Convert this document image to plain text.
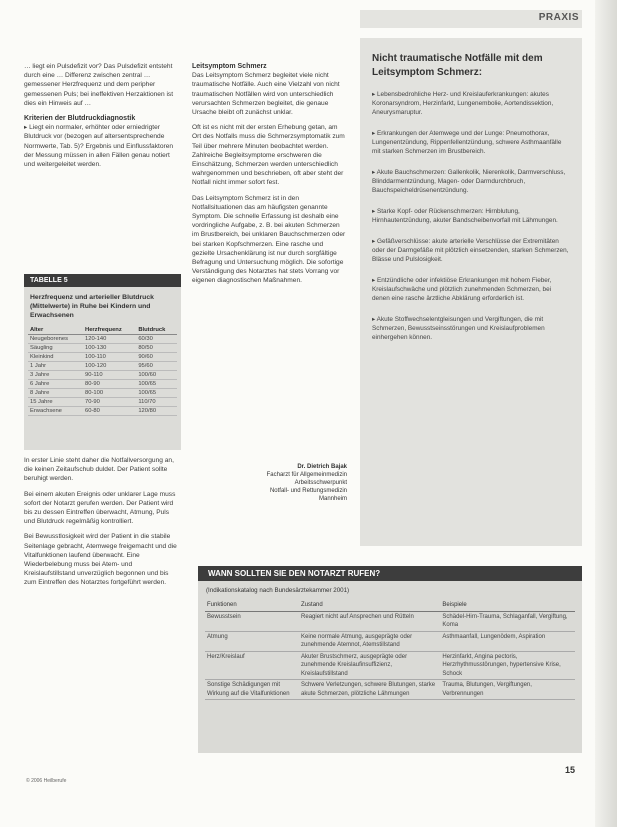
PRAXIS

… liegt ein Pulsdefizit vor? Das Pulsdefizit entsteht durch eine … Differenz zwischen zentral … gemessener Herzfrequenz und dem peripher gemessenen Puls; bei ineffektiven Herzaktionen ist dies ein Hinweis auf …

Kriterien der Blutdruckdiagnostik

▸ Liegt ein normaler, erhöhter oder erniedrigter Blutdruck vor (bezogen auf altersentsprechende Normwerte, Tab. 5)? Ergebnis und Einflussfaktoren der Messung müssen in allen Fällen genau notiert und weitergeleitet werden.

TABELLE 5
Herzfrequenz und arterieller Blutdruck (Mittelwerte) in Ruhe bei Kindern und Erwachsenen
Alter	Herzfrequenz	Blutdruck
Neugeborenes	120-140	60/30
Säugling	100-130	80/50
Kleinkind	100-110	90/60
1 Jahr	100-120	95/60
3 Jahre	90-110	100/60
6 Jahre	80-90	100/65
8 Jahre	80-100	100/65
15 Jahre	70-90	110/70
Erwachsene	60-80	120/80

In erster Linie steht daher die Notfallversorgung an, die keinen Zeitaufschub duldet. Der Patient sollte beruhigt werden.

Bei einem akuten Ereignis oder unklarer Lage muss sofort der Notarzt gerufen werden. Der Patient wird bis zu dessen Eintreffen überwacht, Atmung, Puls und Blutdruck regelmäßig kontrolliert.

Bei Bewusstlosigkeit wird der Patient in die stabile Seitenlage gebracht, Atemwege freigemacht und die Vitalfunktionen laufend überwacht. Eine Wiederbelebung muss bei Atem- und Kreislaufstillstand unverzüglich begonnen und bis zum Eintreffen des Notarztes fortgeführt werden.

Leitsymptom Schmerz

Das Leitsymptom Schmerz begleitet viele nicht traumatische Notfälle. Auch eine Vielzahl von nicht traumatischen Notfällen wird von unterschiedlich verursachten Schmerzen begleitet, die genaue Ursache bleibt oft zunächst unklar.

Oft ist es nicht mit der ersten Erhebung getan, am Ort des Notfalls muss die Schmerzsymptomatik zum Teil über mehrere Minuten beobachtet werden. Zahlreiche Begleitsymptome erschweren die Einschätzung, Schmerzen werden unterschiedlich wahrgenommen und beschrieben, oft aber steht der Notfall nicht immer sofort fest.

Das Leitsymptom Schmerz ist in den Notfallsituationen das am häufigsten genannte Symptom. Die schnelle Erfassung ist deshalb eine vordringliche Aufgabe, z. B. bei akuten Schmerzen im Brustbereich, bei unklaren Bauchschmerzen oder bei starken Kopfschmerzen. Eine rasche und gezielte Ursachenklärung ist nur durch sorgfältige Befragung und Untersuchung möglich. Die sofortige Verständigung des Notarztes hat stets Vorrang vor eigenen diagnostischen Maßnahmen.

Dr. Dietrich Bajak
Facharzt für Allgemeinmedizin
Arbeitsschwerpunkt
Notfall- und Rettungsmedizin
Mannheim
Nicht traumatische Notfälle mit dem Leitsymptom Schmerz:
▸ Lebensbedrohliche Herz- und Kreislauferkrankungen: akutes Koronarsyndrom, Herzinfarkt, Lungenembolie, Aortendissektion, Aneurysmaruptur.
▸ Erkrankungen der Atemwege und der Lunge: Pneumothorax, Lungenentzündung, Rippenfellentzündung, schwere Asthmaanfälle mit starken Schmerzen im Brustbereich.
▸ Akute Bauchschmerzen: Gallenkolik, Nierenkolik, Darmverschluss, Blinddarmentzündung, Magen- oder Darmdurchbruch, Bauchspeicheldrüsenentzündung.
▸ Starke Kopf- oder Rückenschmerzen: Hirnblutung, Hirnhautentzündung, akuter Bandscheibenvorfall mit Lähmungen.
▸ Gefäßverschlüsse: akute arterielle Verschlüsse der Extremitäten oder der Darmgefäße mit plötzlich einsetzenden, starken Schmerzen, Blässe und Pulslosigkeit.
▸ Entzündliche oder infektiöse Erkrankungen mit hohem Fieber, Kreislaufschwäche und plötzlich zunehmenden Schmerzen, bei denen eine rasche ärztliche Abklärung erforderlich ist.
▸ Akute Stoffwechselentgleisungen und Vergiftungen, die mit Schmerzen, Bewusstseinsstörungen und Kreislaufproblemen einhergehen können.
WANN SOLLTEN SIE DEN NOTARZT RUFEN?
(Indikationskatalog nach Bundesärztekammer 2001)
Funktionen	Zustand	Beispiele
Bewusstsein	Reagiert nicht auf Ansprechen und Rütteln	Schädel-Hirn-Trauma, Schlaganfall, Vergiftung, Koma
Atmung	Keine normale Atmung, ausgeprägte oder zunehmende Atemnot, Atemstillstand	Asthmaanfall, Lungenödem, Aspiration
Herz/Kreislauf	Akuter Brustschmerz, ausgeprägte oder zunehmende Kreislaufinsuffizienz, Kreislaufstillstand	Herzinfarkt, Angina pectoris, Herzrhythmusstörungen, hypertensive Krise, Schock
Sonstige Schädigungen mit Wirkung auf die Vitalfunktionen	Schwere Verletzungen, schwere Blutungen, starke akute Schmerzen, plötzliche Lähmungen	Trauma, Blutungen, Vergiftungen, Verbrennungen
15
© 2006 Heilberufe
